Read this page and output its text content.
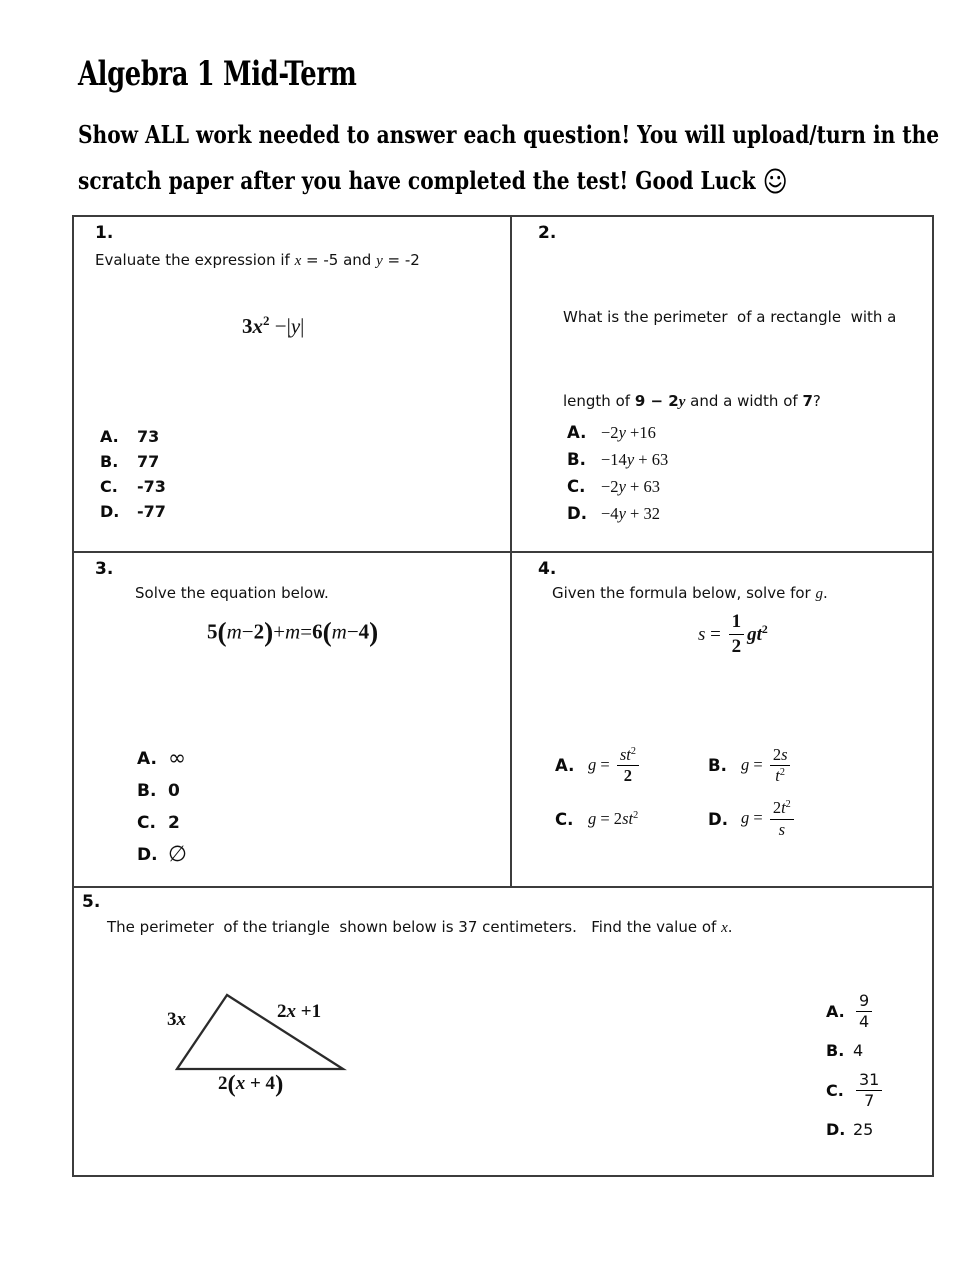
Algebra 1 Mid-Term
Show ALL work needed to answer each question! You will upload/turn in the
scratch paper after you have completed the test! Good Luck
1.
Evaluate the expression if x = -5 and y = -2
$3x^2 -|y|$
A.	73
B.	77
C.	-73
D.	-77
2.

What is the perimeter  of a rectangle  with a

length of 9 − 2y and a width of 7?

A. −2y +16
B. −14y + 63
C. −2y + 63
D. −4y + 32
3.
Solve the equation below.
5(m−2)+m=6(m−4)
A. ∞
B. 0
C. 2
D. ∅
4.
Given the formula below, solve for g.
$s = \frac{1}{2} gt^2$
A. $g = \frac{st^2}{2}$	B. $g = \frac{2s}{t^2}$
C. $g = 2st^2$	D. $g = \frac{2t^2}{s}$
5.
The perimeter  of the triangle  shown below is 37 centimeters.   Find the value of x.
3x	2x +1
2(x + 4)
A. $\frac{9}{4}$
B. 4
C. $\frac{31}{7}$
D. 25
